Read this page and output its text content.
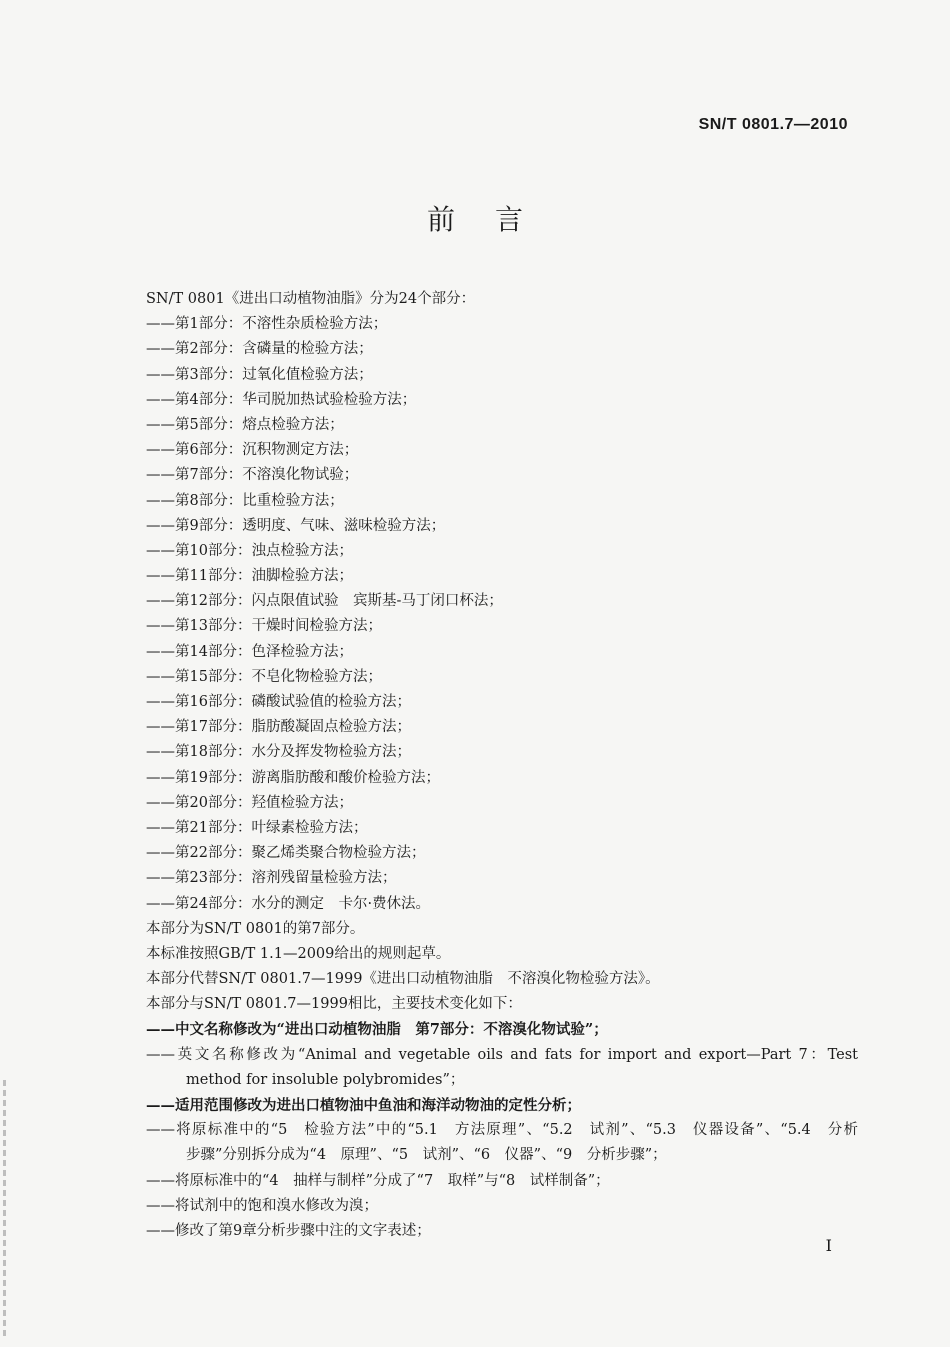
SN/T 0801.7—2010
前言
SN/T 0801《进出口动植物油脂》分为24个部分：
——第1部分：不溶性杂质检验方法；
——第2部分：含磷量的检验方法；
——第3部分：过氧化值检验方法；
——第4部分：华司脱加热试验检验方法；
——第5部分：熔点检验方法；
——第6部分：沉积物测定方法；
——第7部分：不溶溴化物试验；
——第8部分：比重检验方法；
——第9部分：透明度、气味、滋味检验方法；
——第10部分：浊点检验方法；
——第11部分：油脚检验方法；
——第12部分：闪点限值试验　宾斯基-马丁闭口杯法；
——第13部分：干燥时间检验方法；
——第14部分：色泽检验方法；
——第15部分：不皂化物检验方法；
——第16部分：磷酸试验值的检验方法；
——第17部分：脂肪酸凝固点检验方法；
——第18部分：水分及挥发物检验方法；
——第19部分：游离脂肪酸和酸价检验方法；
——第20部分：羟值检验方法；
——第21部分：叶绿素检验方法；
——第22部分：聚乙烯类聚合物检验方法；
——第23部分：溶剂残留量检验方法；
——第24部分：水分的测定　卡尔·费休法。
本部分为SN/T 0801的第7部分。
本标准按照GB/T 1.1—2009给出的规则起草。
本部分代替SN/T 0801.7—1999《进出口动植物油脂　不溶溴化物检验方法》。
本部分与SN/T 0801.7—1999相比，主要技术变化如下：
——中文名称修改为“进出口动植物油脂　第7部分：不溶溴化物试验”；
——英文名称修改为“Animal and vegetable oils and fats for import and export—Part 7：Test
method for insoluble polybromides”；
——适用范围修改为进出口植物油中鱼油和海洋动物油的定性分析；
——将原标准中的“5　检验方法”中的“5.1　方法原理”、“5.2　试剂”、“5.3　仪器设备”、“5.4　分析
步骤”分别拆分成为“4　原理”、“5　试剂”、“6　仪器”、“9　分析步骤”；
——将原标准中的“4　抽样与制样”分成了“7　取样”与“8　试样制备”；
——将试剂中的饱和溴水修改为溴；
——修改了第9章分析步骤中注的文字表述；
I
